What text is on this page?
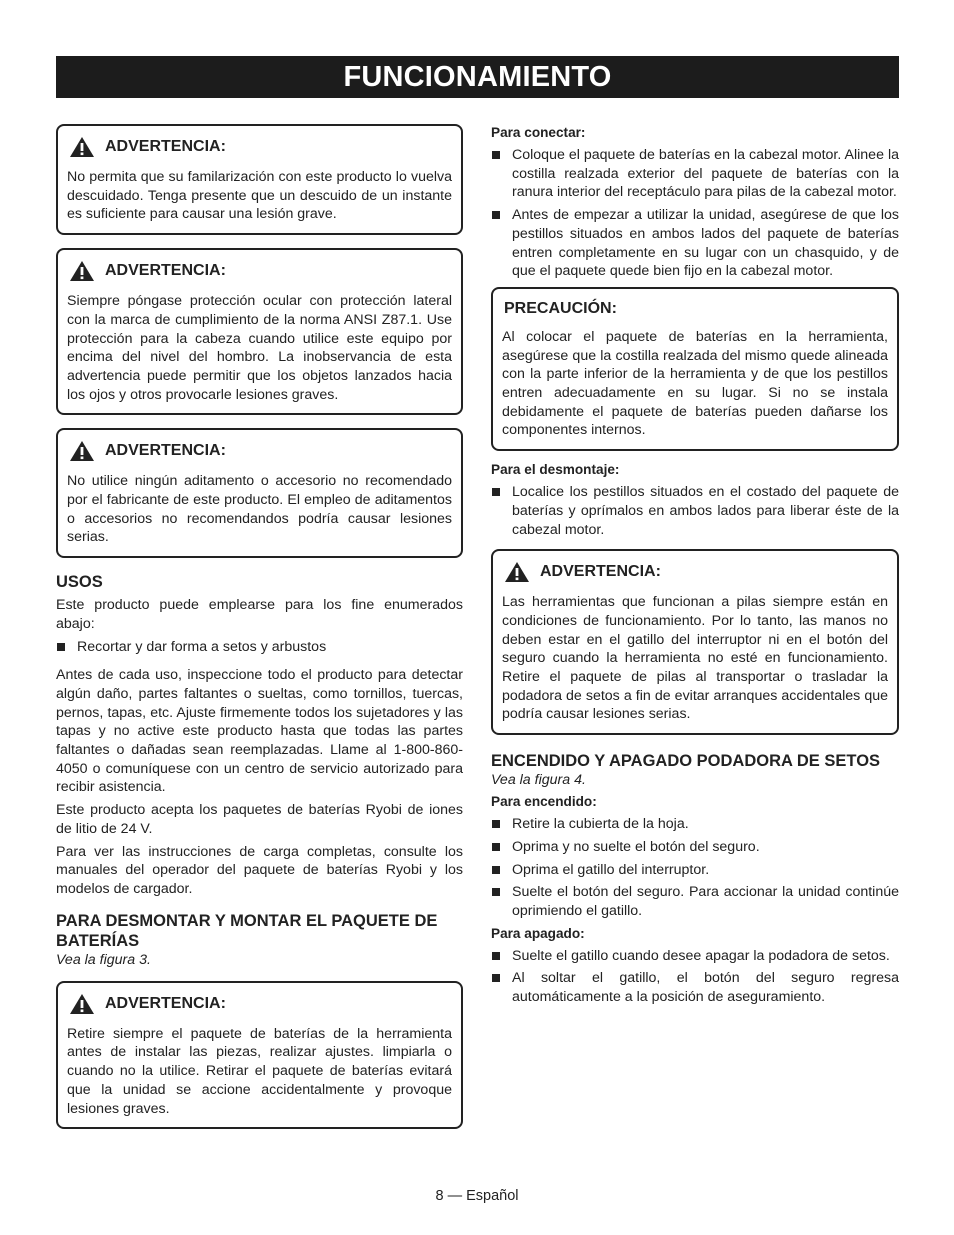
FUNCIONAMIENTO
ADVERTENCIA:

No permita que su familarización con este producto lo vuelva descuidado. Tenga presente que un descuido de un instante es suficiente para causar una lesión grave.

ADVERTENCIA:

Siempre póngase protección ocular con protección lateral con la marca de cumplimiento de la norma ANSI Z87.1. Use protección para la cabeza cuando utilice este equipo por encima del nivel del hombro. La inobservancia de esta advertencia puede permitir que los objetos lanzados hacia los ojos y otros provocarle lesiones graves.

ADVERTENCIA:

No utilice ningún aditamento o accesorio no recomendado por el fabricante de este producto. El empleo de aditamentos o accesorios no recomendandos podría causar lesiones serias.

USOS

Este producto puede emplearse para los fine enumerados abajo:

Recortar y dar forma a setos y arbustos

Antes de cada uso, inspeccione todo el producto para detectar algún daño, partes faltantes o sueltas, como tornillos, tuercas, pernos, tapas, etc. Ajuste firmemente todos los sujetadores y las tapas y no active este producto hasta que todas las partes faltantes o dañadas sean reemplazadas. Llame al 1-800-860-4050 o comuníquese con un centro de servicio autorizado para recibir asistencia.

Este producto acepta los paquetes de baterías Ryobi de iones de litio de 24 V.

Para ver las instrucciones de carga completas, consulte los manuales del operador del paquete de baterías Ryobi y los modelos de cargador.

PARA DESMONTAR Y MONTAR EL PAQUETE DE BATERÍAS

Vea la figura 3.

ADVERTENCIA:

Retire siempre el paquete de baterías de la herramienta antes de instalar las piezas, realizar ajustes. limpiarla o cuando no la utilice. Retirar el paquete de baterías evitará que la unidad se accione accidentalmente y provoque lesiones graves.

Para conectar:

Coloque el paquete de baterías en la cabezal motor. Alinee la costilla realzada exterior del paquete de baterías con la ranura interior del receptáculo para pilas de la cabezal motor.
Antes de empezar a utilizar la unidad, asegúrese de que los pestillos situados en ambos lados del paquete de baterías entren completamente en su lugar con un chasquido, y de que el paquete quede bien fijo en la cabezal motor.
PRECAUCIÓN:

Al colocar el paquete de baterías en la herramienta, asegúrese que la costilla realzada del mismo quede alineada con la parte inferior de la herramienta y de que los pestillos entren adecuadamente en su lugar. Si no se instala debidamente el paquete de baterías pueden dañarse los componentes internos.

Para el desmontaje:

Localice los pestillos situados en el costado del paquete de baterías y oprímalos en ambos lados para liberar éste de la cabezal motor.
ADVERTENCIA:

Las herramientas que funcionan a pilas siempre están en condiciones de funcionamiento. Por lo tanto, las manos no deben estar en el gatillo del interruptor ni en el botón del seguro cuando la herramienta no esté en funcionamiento. Retire el paquete de pilas al transportar o trasladar la podadora de setos a fin de evitar arranques accidentales que podría causar lesiones serias.

ENCENDIDO Y APAGADO PODADORA DE SETOS

Vea la figura 4.

Para encendido:

Retire la cubierta de la hoja.
Oprima y no suelte el botón del seguro.
Oprima el gatillo del interruptor.
Suelte el botón del seguro. Para accionar la unidad continúe oprimiendo el gatillo.

Para apagado:

Suelte el gatillo cuando desee apagar la podadora de setos.
Al soltar el gatillo, el botón del seguro regresa automáticamente a la posición de aseguramiento.
8 — Español
